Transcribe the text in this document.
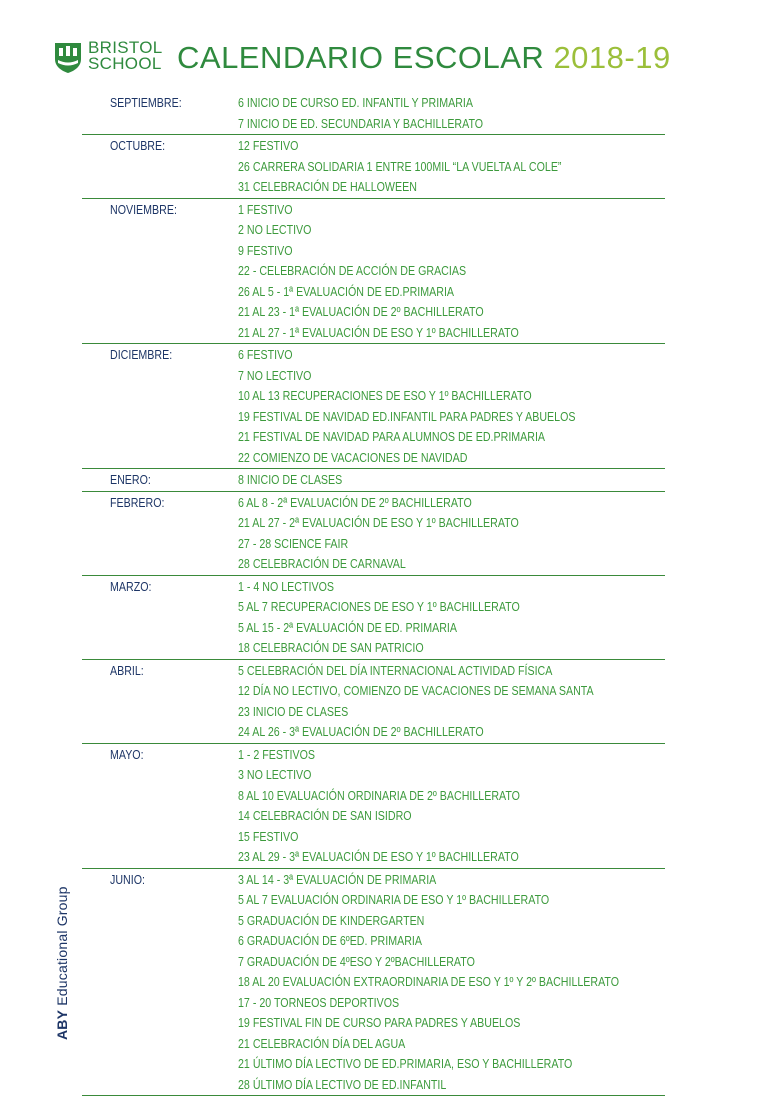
BRISTOL
SCHOOL CALENDARIO ESCOLAR 2018-19
SEPTIEMBRE:	6 INICIO DE CURSO ED. INFANTIL Y PRIMARIA
7 INICIO DE ED. SECUNDARIA Y BACHILLERATO
OCTUBRE:	12 FESTIVO
26 CARRERA SOLIDARIA 1 ENTRE 100MIL “LA VUELTA AL COLE”
31 CELEBRACIÓN DE HALLOWEEN
NOVIEMBRE:	1 FESTIVO
2 NO LECTIVO
9 FESTIVO
22 - CELEBRACIÓN DE ACCIÓN DE GRACIAS
26 AL 5 - 1ª EVALUACIÓN DE ED.PRIMARIA
21 AL 23 - 1ª EVALUACIÓN DE 2º BACHILLERATO
21 AL 27 - 1ª EVALUACIÓN DE ESO Y 1º BACHILLERATO
DICIEMBRE:	6 FESTIVO
7 NO LECTIVO
10 AL 13 RECUPERACIONES DE ESO Y 1º BACHILLERATO
19 FESTIVAL DE NAVIDAD ED.INFANTIL PARA PADRES Y ABUELOS
21 FESTIVAL DE NAVIDAD PARA ALUMNOS DE ED.PRIMARIA
22 COMIENZO DE VACACIONES DE NAVIDAD
ENERO:	8 INICIO DE CLASES
FEBRERO:	6 AL 8 - 2ª EVALUACIÓN DE 2º BACHILLERATO
21 AL 27 - 2ª EVALUACIÓN DE ESO Y 1º BACHILLERATO
27 - 28 SCIENCE FAIR
28 CELEBRACIÓN DE CARNAVAL
MARZO:	1 - 4 NO LECTIVOS
5 AL 7 RECUPERACIONES DE ESO Y 1º BACHILLERATO
5 AL 15 - 2ª EVALUACIÓN DE ED. PRIMARIA
18 CELEBRACIÓN DE SAN PATRICIO
ABRIL:	5 CELEBRACIÓN DEL DÍA INTERNACIONAL ACTIVIDAD FÍSICA
12 DÍA NO LECTIVO, COMIENZO DE VACACIONES DE SEMANA SANTA
23 INICIO DE CLASES
24 AL 26 - 3ª EVALUACIÓN DE 2º BACHILLERATO
MAYO:	1 - 2 FESTIVOS
3 NO LECTIVO
8 AL 10 EVALUACIÓN ORDINARIA DE 2º BACHILLERATO
14 CELEBRACIÓN DE SAN ISIDRO
15 FESTIVO
23 AL 29 - 3ª EVALUACIÓN DE ESO Y 1º BACHILLERATO
JUNIO:	3 AL 14 - 3ª EVALUACIÓN DE PRIMARIA
5 AL 7 EVALUACIÓN ORDINARIA DE ESO Y 1º BACHILLERATO
5 GRADUACIÓN DE KINDERGARTEN
6 GRADUACIÓN DE 6ºED. PRIMARIA
7 GRADUACIÓN DE 4ºESO Y 2ºBACHILLERATO
18 AL 20 EVALUACIÓN EXTRAORDINARIA DE ESO Y 1º Y 2º BACHILLERATO
17 - 20 TORNEOS DEPORTIVOS
19 FESTIVAL FIN DE CURSO PARA PADRES Y ABUELOS
21 CELEBRACIÓN DÍA DEL AGUA
21 ÚLTIMO DÍA LECTIVO DE ED.PRIMARIA, ESO Y BACHILLERATO
28 ÚLTIMO DÍA LECTIVO DE ED.INFANTIL
ABY Educational Group
